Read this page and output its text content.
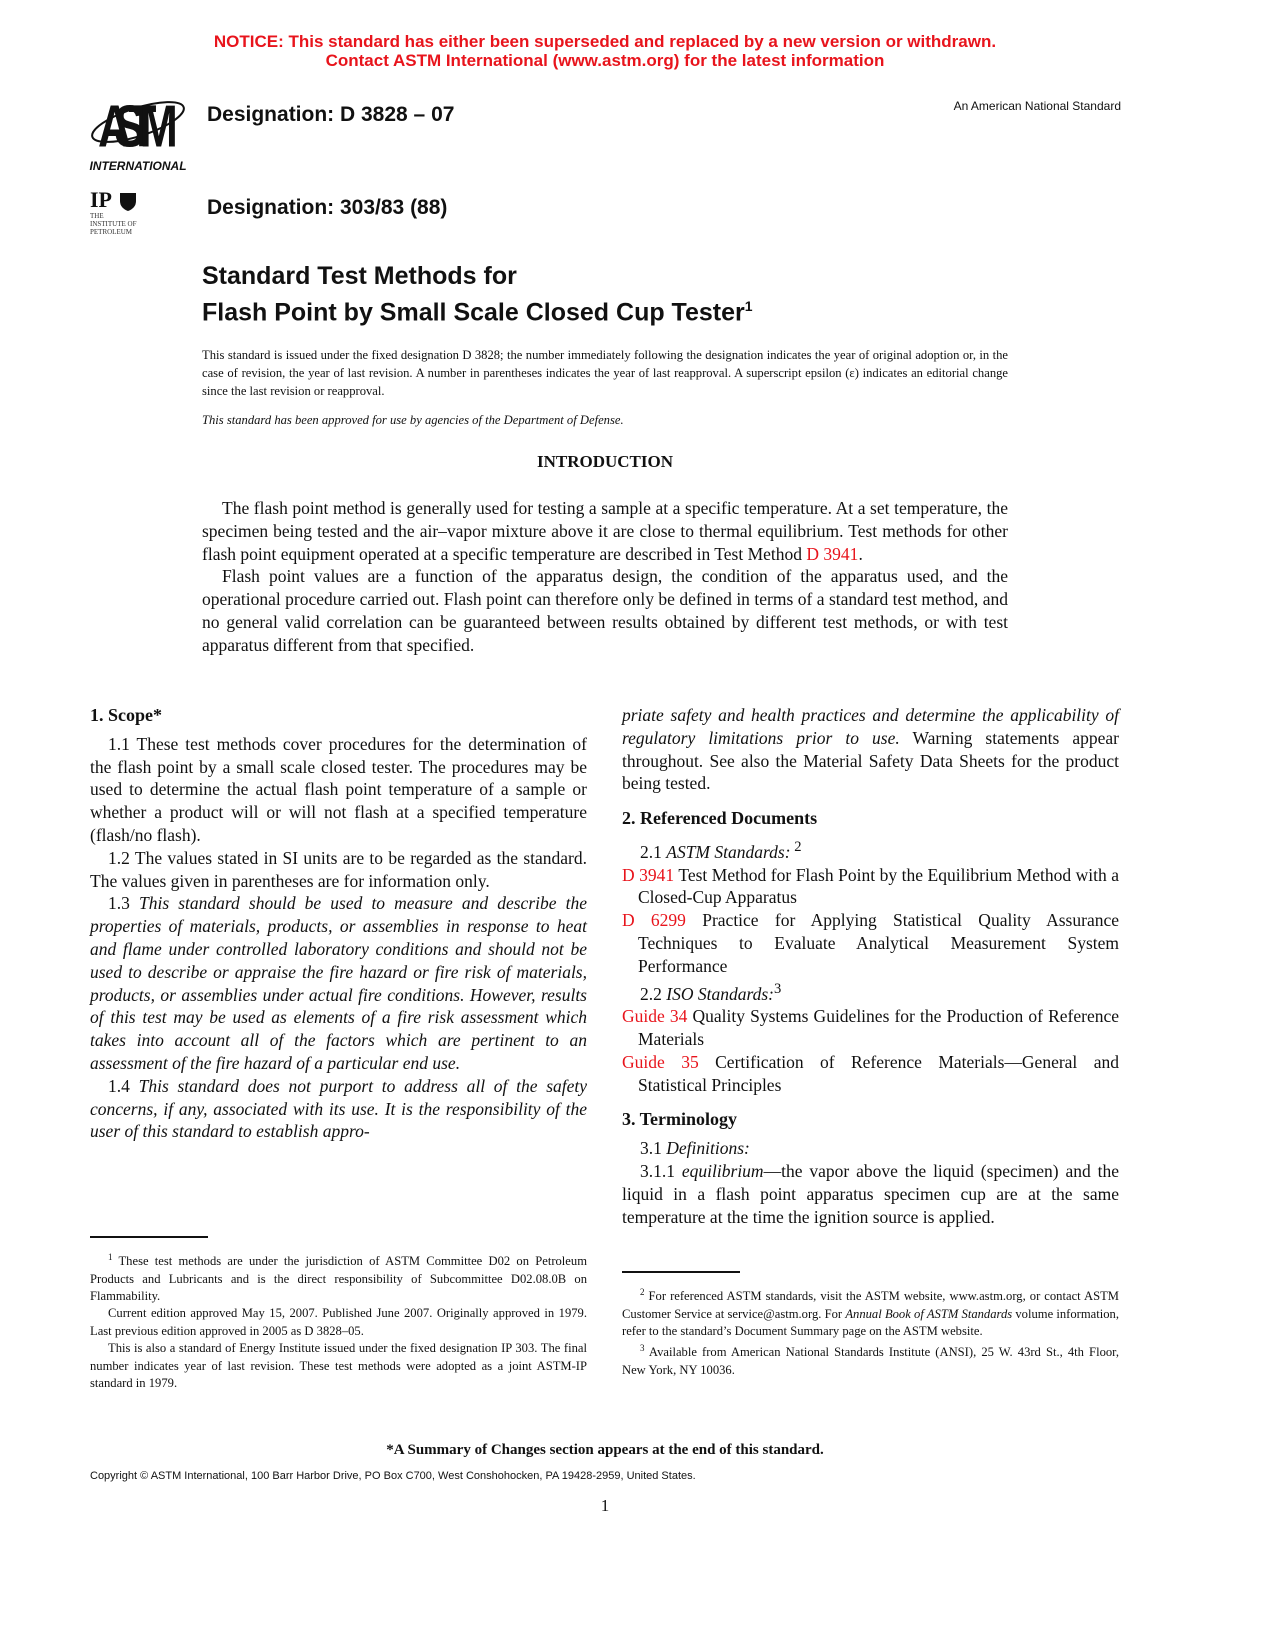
NOTICE: This standard has either been superseded and replaced by a new version or withdrawn.
Contact ASTM International (www.astm.org) for the latest information
ASTM
INTERNATIONAL
Designation: D 3828 – 07	An American National Standard
IP THE INSTITUTE OF PETROLEUM
Designation: 303/83 (88)
Standard Test Methods for
Flash Point by Small Scale Closed Cup Tester$^1$
This standard is issued under the fixed designation D 3828; the number immediately following the designation indicates the year of original adoption or, in the case of revision, the year of last revision. A number in parentheses indicates the year of last reapproval. A superscript epsilon (ε) indicates an editorial change since the last revision or reapproval.
This standard has been approved for use by agencies of the Department of Defense.
INTRODUCTION

The flash point method is generally used for testing a sample at a specific temperature. At a set temperature, the specimen being tested and the air–vapor mixture above it are close to thermal equilibrium. Test methods for other flash point equipment operated at a specific temperature are described in Test Method D 3941.

Flash point values are a function of the apparatus design, the condition of the apparatus used, and the operational procedure carried out. Flash point can therefore only be defined in terms of a standard test method, and no general valid correlation can be guaranteed between results obtained by different test methods, or with test apparatus different from that specified.

1. Scope*

1.1 These test methods cover procedures for the determination of the flash point by a small scale closed tester. The procedures may be used to determine the actual flash point temperature of a sample or whether a product will or will not flash at a specified temperature (flash/no flash).

1.2 The values stated in SI units are to be regarded as the standard. The values given in parentheses are for information only.

1.3 This standard should be used to measure and describe the properties of materials, products, or assemblies in response to heat and flame under controlled laboratory conditions and should not be used to describe or appraise the fire hazard or fire risk of materials, products, or assemblies under actual fire conditions. However, results of this test may be used as elements of a fire risk assessment which takes into account all of the factors which are pertinent to an assessment of the fire hazard of a particular end use.

1.4 This standard does not purport to address all of the safety concerns, if any, associated with its use. It is the responsibility of the user of this standard to establish appro-

priate safety and health practices and determine the applicability of regulatory limitations prior to use. Warning statements appear throughout. See also the Material Safety Data Sheets for the product being tested.

2. Referenced Documents

2.1 ASTM Standards: $^2$

D 3941 Test Method for Flash Point by the Equilibrium Method with a Closed-Cup Apparatus

D 6299 Practice for Applying Statistical Quality Assurance Techniques to Evaluate Analytical Measurement System Performance

2.2 ISO Standards:$^3$

Guide 34 Quality Systems Guidelines for the Production of Reference Materials

Guide 35 Certification of Reference Materials—General and Statistical Principles

3. Terminology

3.1 Definitions:

3.1.1 equilibrium—the vapor above the liquid (specimen) and the liquid in a flash point apparatus specimen cup are at the same temperature at the time the ignition source is applied.

$^1$ These test methods are under the jurisdiction of ASTM Committee D02 on Petroleum Products and Lubricants and is the direct responsibility of Subcommittee D02.08.0B on Flammability.

Current edition approved May 15, 2007. Published June 2007. Originally approved in 1979. Last previous edition approved in 2005 as D 3828–05.

This is also a standard of Energy Institute issued under the fixed designation IP 303. The final number indicates year of last revision. These test methods were adopted as a joint ASTM-IP standard in 1979.

$^2$ For referenced ASTM standards, visit the ASTM website, www.astm.org, or contact ASTM Customer Service at service@astm.org. For Annual Book of ASTM Standards volume information, refer to the standard’s Document Summary page on the ASTM website.

$^3$ Available from American National Standards Institute (ANSI), 25 W. 43rd St., 4th Floor, New York, NY 10036.

*A Summary of Changes section appears at the end of this standard.
Copyright © ASTM International, 100 Barr Harbor Drive, PO Box C700, West Conshohocken, PA 19428-2959, United States.
1
